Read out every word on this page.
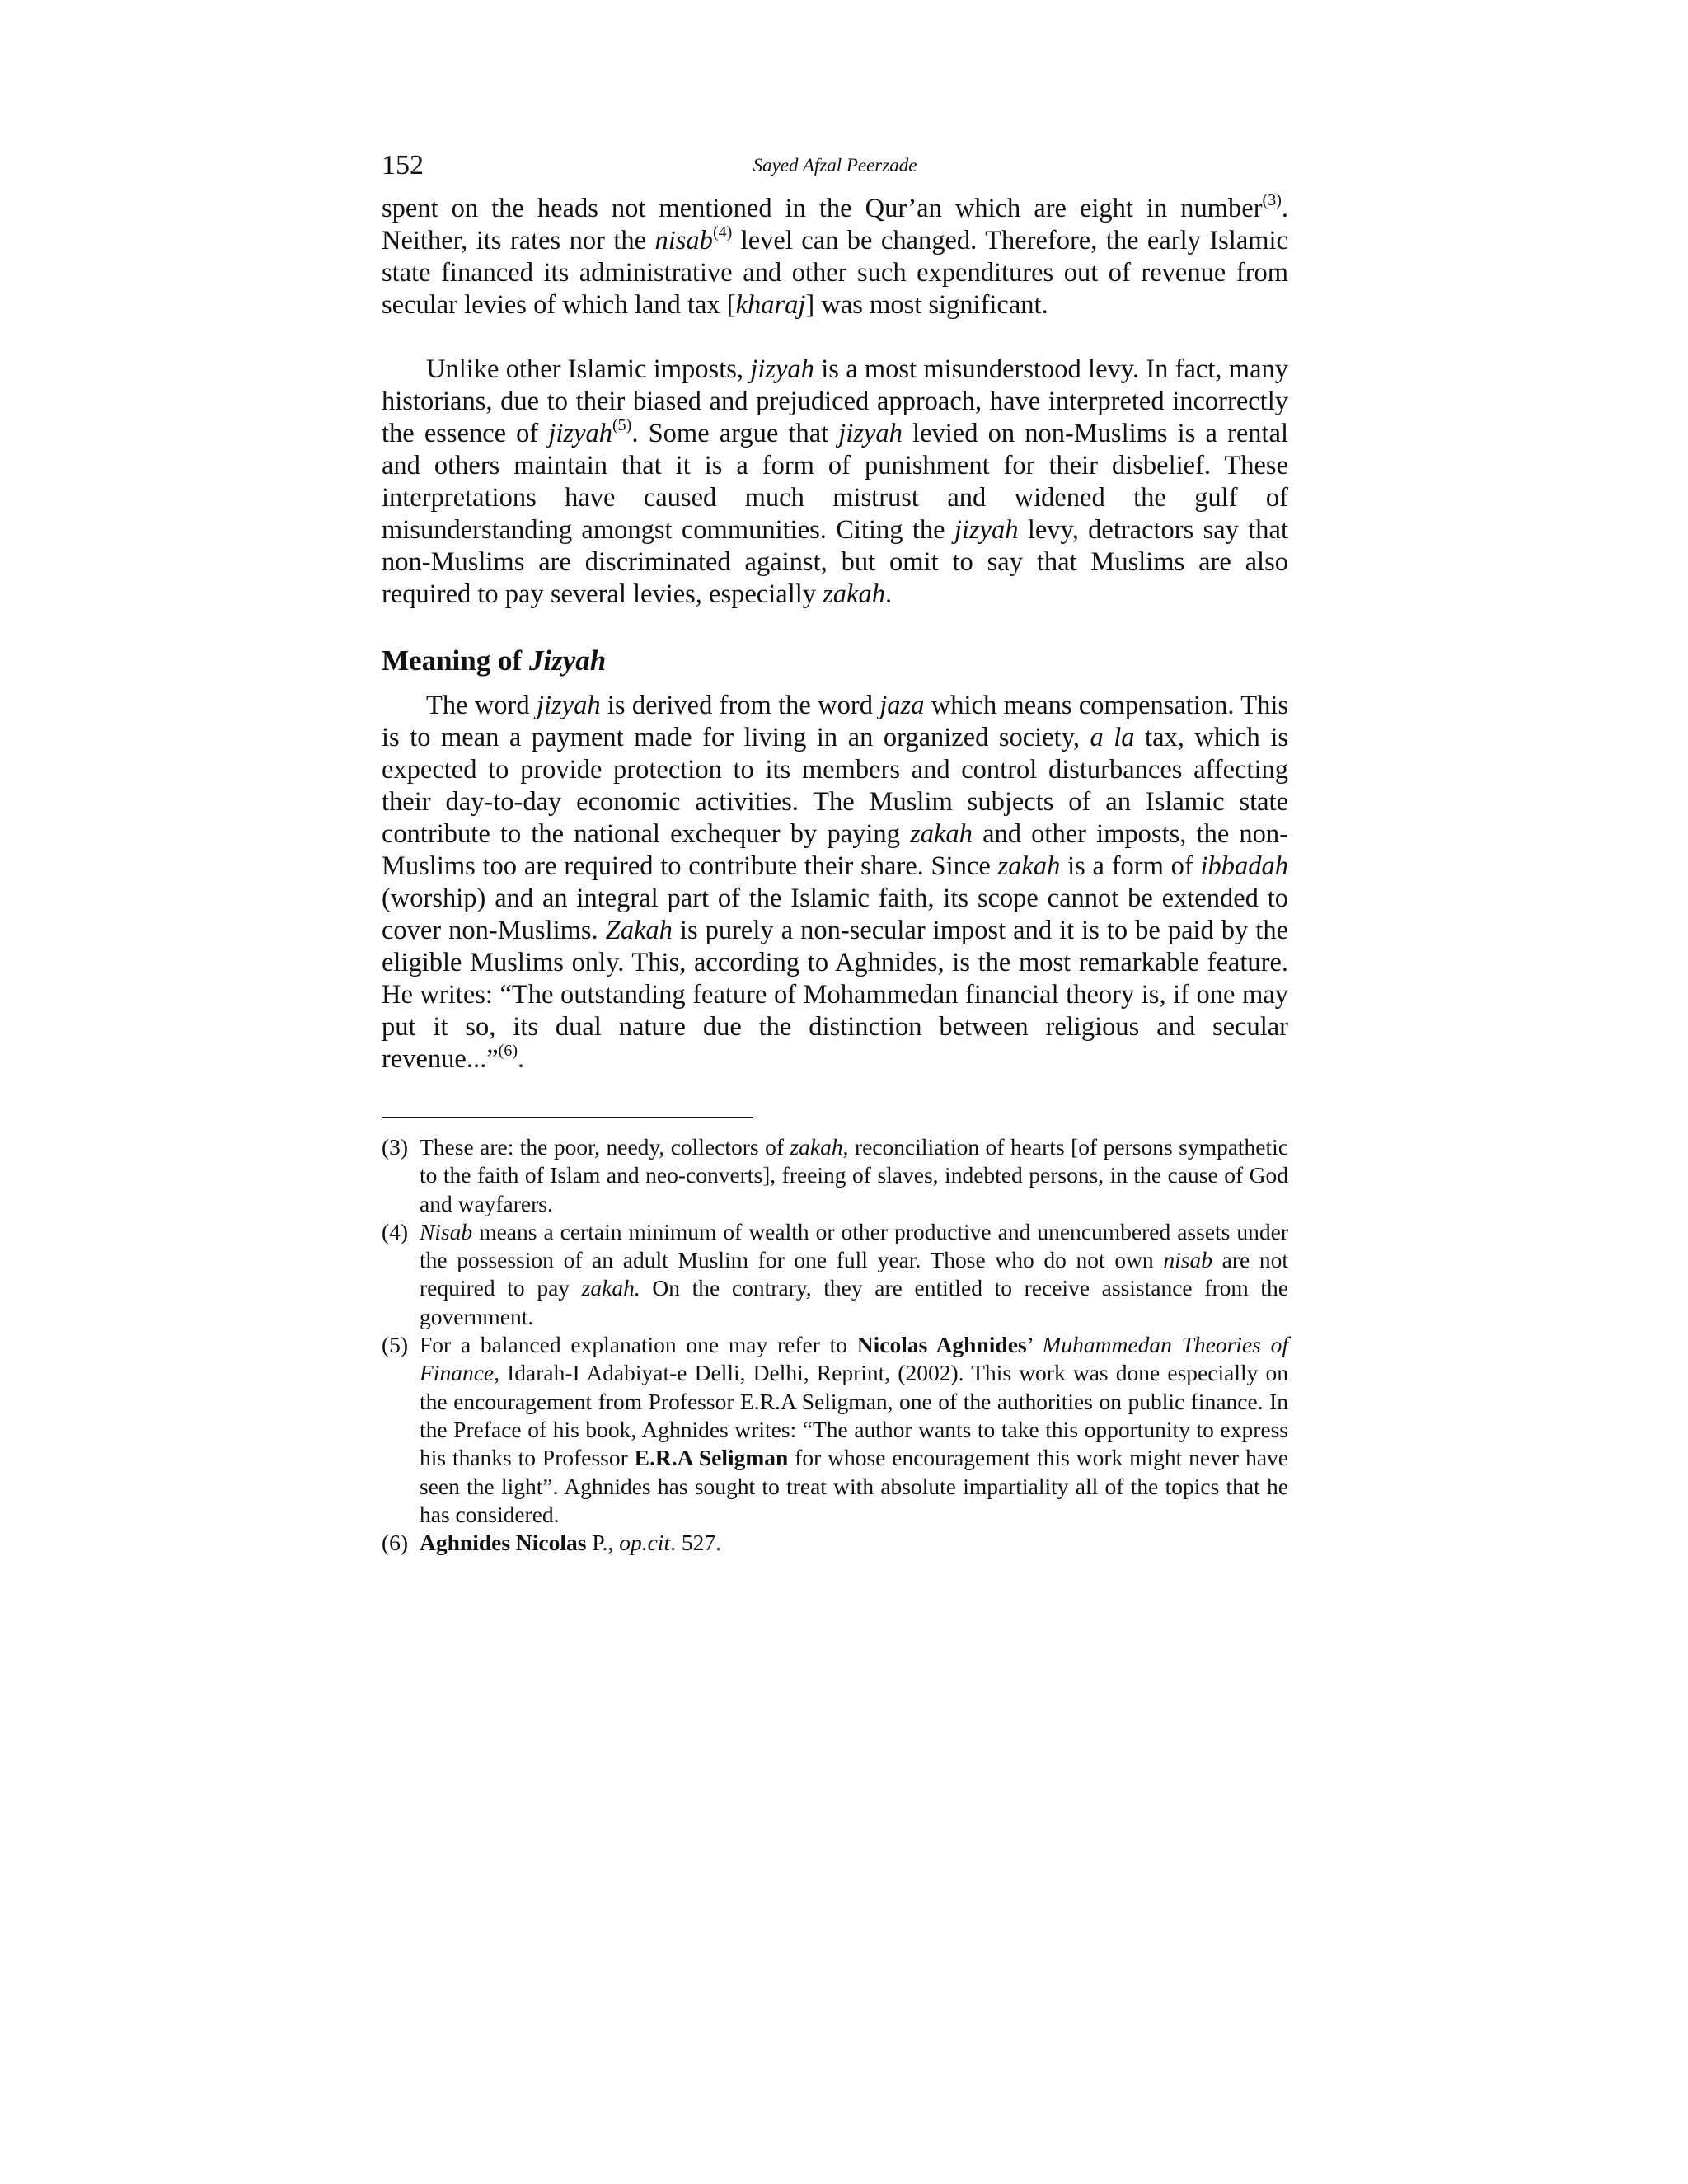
152	Sayed Afzal Peerzade

spent on the heads not mentioned in the Qur’an which are eight in number$^{(3)}$. Neither, its rates nor the nisab$^{(4)}$ level can be changed. Therefore, the early Islamic state financed its administrative and other such expenditures out of revenue from secular levies of which land tax [kharaj] was most significant.

Unlike other Islamic imposts, jizyah is a most misunderstood levy. In fact, many historians, due to their biased and prejudiced approach, have interpreted incorrectly the essence of jizyah$^{(5)}$. Some argue that jizyah levied on non-Muslims is a rental and others maintain that it is a form of punishment for their disbelief. These interpretations have caused much mistrust and widened the gulf of misunderstanding amongst communities. Citing the jizyah levy, detractors say that non-Muslims are discriminated against, but omit to say that Muslims are also required to pay several levies, especially zakah.

Meaning of Jizyah

The word jizyah is derived from the word jaza which means compensation. This is to mean a payment made for living in an organized society, a la tax, which is expected to provide protection to its members and control disturbances affecting their day-to-day economic activities. The Muslim subjects of an Islamic state contribute to the national exchequer by paying zakah and other imposts, the non-Muslims too are required to contribute their share. Since zakah is a form of ibbadah (worship) and an integral part of the Islamic faith, its scope cannot be extended to cover non-Muslims. Zakah is purely a non-secular impost and it is to be paid by the eligible Muslims only. This, according to Aghnides, is the most remarkable feature. He writes: “The outstanding feature of Mohammedan financial theory is, if one may put it so, its dual nature due the distinction between religious and secular revenue...”$^{(6)}$.

(3) These are: the poor, needy, collectors of zakah, reconciliation of hearts [of persons sympathetic to the faith of Islam and neo-converts], freeing of slaves, indebted persons, in the cause of God and wayfarers.

(4) Nisab means a certain minimum of wealth or other productive and unencumbered assets under the possession of an adult Muslim for one full year. Those who do not own nisab are not required to pay zakah. On the contrary, they are entitled to receive assistance from the government.

(5) For a balanced explanation one may refer to Nicolas Aghnides’ Muhammedan Theories of Finance, Idarah-I Adabiyat-e Delli, Delhi, Reprint, (2002). This work was done especially on the encouragement from Professor E.R.A Seligman, one of the authorities on public finance. In the Preface of his book, Aghnides writes: “The author wants to take this opportunity to express his thanks to Professor E.R.A Seligman for whose encouragement this work might never have seen the light”. Aghnides has sought to treat with absolute impartiality all of the topics that he has considered.

(6) Aghnides Nicolas P., op.cit. 527.
